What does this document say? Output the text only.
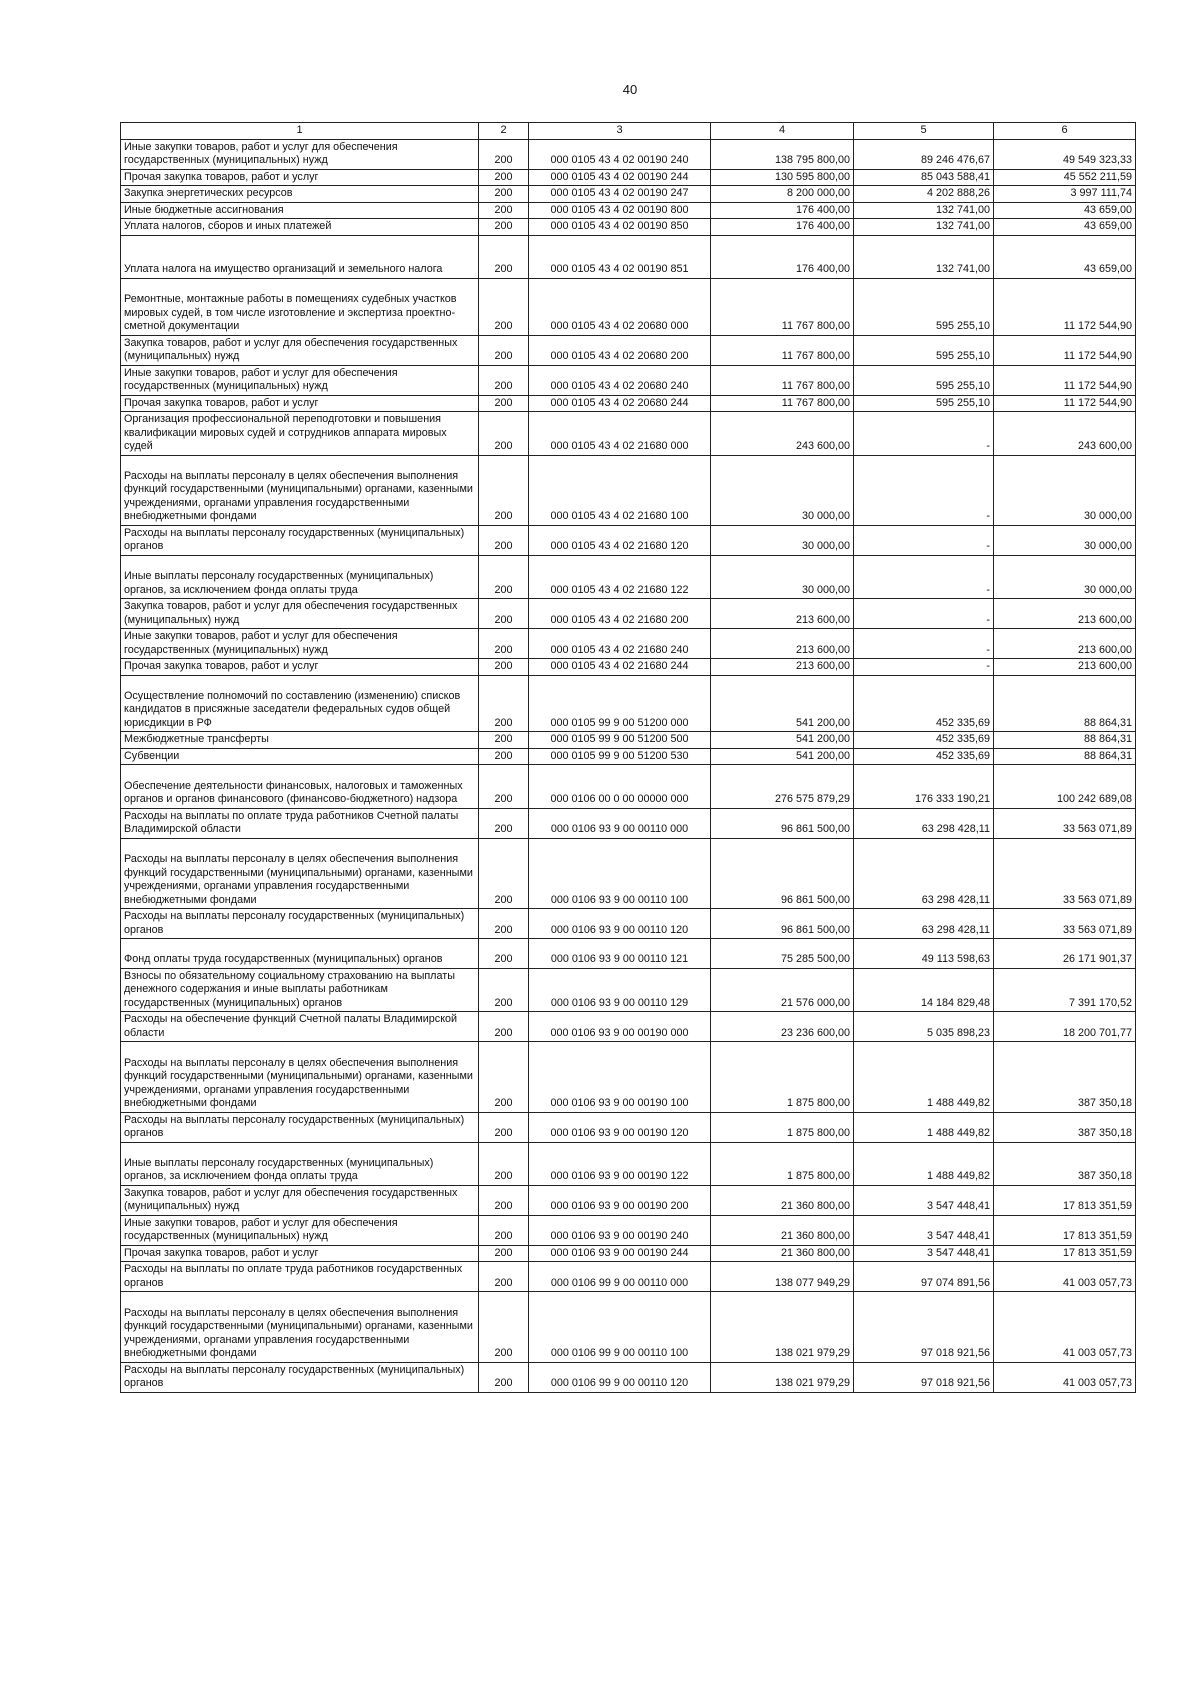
40
1	2	3	4	5	6
Иные закупки товаров, работ и услуг для обеспечения государственных (муниципальных) нужд	200	000 0105 43 4 02 00190 240	138 795 800,00	89 246 476,67	49 549 323,33
Прочая закупка товаров, работ и услуг	200	000 0105 43 4 02 00190 244	130 595 800,00	85 043 588,41	45 552 211,59
Закупка энергетических ресурсов	200	000 0105 43 4 02 00190 247	8 200 000,00	4 202 888,26	3 997 111,74
Иные бюджетные ассигнования	200	000 0105 43 4 02 00190 800	176 400,00	132 741,00	43 659,00
Уплата налогов, сборов и иных платежей	200	000 0105 43 4 02 00190 850	176 400,00	132 741,00	43 659,00
Уплата налога на имущество организаций и земельного налога	200	000 0105 43 4 02 00190 851	176 400,00	132 741,00	43 659,00
Ремонтные, монтажные работы в помещениях судебных участков мировых судей, в том числе изготовление и экспертиза проектно-сметной документации	200	000 0105 43 4 02 20680 000	11 767 800,00	595 255,10	11 172 544,90
Закупка товаров, работ и услуг для обеспечения государственных (муниципальных) нужд	200	000 0105 43 4 02 20680 200	11 767 800,00	595 255,10	11 172 544,90
Иные закупки товаров, работ и услуг для обеспечения государственных (муниципальных) нужд	200	000 0105 43 4 02 20680 240	11 767 800,00	595 255,10	11 172 544,90
Прочая закупка товаров, работ и услуг	200	000 0105 43 4 02 20680 244	11 767 800,00	595 255,10	11 172 544,90
Организация профессиональной переподготовки и повышения квалификации мировых судей и сотрудников аппарата мировых судей	200	000 0105 43 4 02 21680 000	243 600,00	-	243 600,00
Расходы на выплаты персоналу в целях обеспечения выполнения функций государственными (муниципальными) органами, казенными учреждениями, органами управления государственными внебюджетными фондами	200	000 0105 43 4 02 21680 100	30 000,00	-	30 000,00
Расходы на выплаты персоналу государственных (муниципальных) органов	200	000 0105 43 4 02 21680 120	30 000,00	-	30 000,00
Иные выплаты персоналу государственных (муниципальных) органов, за исключением фонда оплаты труда	200	000 0105 43 4 02 21680 122	30 000,00	-	30 000,00
Закупка товаров, работ и услуг для обеспечения государственных (муниципальных) нужд	200	000 0105 43 4 02 21680 200	213 600,00	-	213 600,00
Иные закупки товаров, работ и услуг для обеспечения государственных (муниципальных) нужд	200	000 0105 43 4 02 21680 240	213 600,00	-	213 600,00
Прочая закупка товаров, работ и услуг	200	000 0105 43 4 02 21680 244	213 600,00	-	213 600,00
Осуществление полномочий по составлению (изменению) списков кандидатов в присяжные заседатели федеральных судов общей юрисдикции в РФ	200	000 0105 99 9 00 51200 000	541 200,00	452 335,69	88 864,31
Межбюджетные трансферты	200	000 0105 99 9 00 51200 500	541 200,00	452 335,69	88 864,31
Субвенции	200	000 0105 99 9 00 51200 530	541 200,00	452 335,69	88 864,31
Обеспечение деятельности финансовых, налоговых и таможенных органов и органов финансового (финансово-бюджетного) надзора	200	000 0106 00 0 00 00000 000	276 575 879,29	176 333 190,21	100 242 689,08
Расходы на выплаты по оплате труда работников Счетной палаты Владимирской области	200	000 0106 93 9 00 00110 000	96 861 500,00	63 298 428,11	33 563 071,89
Расходы на выплаты персоналу в целях обеспечения выполнения функций государственными (муниципальными) органами, казенными учреждениями, органами управления государственными внебюджетными фондами	200	000 0106 93 9 00 00110 100	96 861 500,00	63 298 428,11	33 563 071,89
Расходы на выплаты персоналу государственных (муниципальных) органов	200	000 0106 93 9 00 00110 120	96 861 500,00	63 298 428,11	33 563 071,89
Фонд оплаты труда государственных (муниципальных) органов	200	000 0106 93 9 00 00110 121	75 285 500,00	49 113 598,63	26 171 901,37
Взносы по обязательному социальному страхованию на выплаты денежного содержания и иные выплаты работникам государственных (муниципальных) органов	200	000 0106 93 9 00 00110 129	21 576 000,00	14 184 829,48	7 391 170,52
Расходы на обеспечение функций Счетной палаты Владимирской области	200	000 0106 93 9 00 00190 000	23 236 600,00	5 035 898,23	18 200 701,77
Расходы на выплаты персоналу в целях обеспечения выполнения функций государственными (муниципальными) органами, казенными учреждениями, органами управления государственными внебюджетными фондами	200	000 0106 93 9 00 00190 100	1 875 800,00	1 488 449,82	387 350,18
Расходы на выплаты персоналу государственных (муниципальных) органов	200	000 0106 93 9 00 00190 120	1 875 800,00	1 488 449,82	387 350,18
Иные выплаты персоналу государственных (муниципальных) органов, за исключением фонда оплаты труда	200	000 0106 93 9 00 00190 122	1 875 800,00	1 488 449,82	387 350,18
Закупка товаров, работ и услуг для обеспечения государственных (муниципальных) нужд	200	000 0106 93 9 00 00190 200	21 360 800,00	3 547 448,41	17 813 351,59
Иные закупки товаров, работ и услуг для обеспечения государственных (муниципальных) нужд	200	000 0106 93 9 00 00190 240	21 360 800,00	3 547 448,41	17 813 351,59
Прочая закупка товаров, работ и услуг	200	000 0106 93 9 00 00190 244	21 360 800,00	3 547 448,41	17 813 351,59
Расходы на выплаты по оплате труда работников государственных органов	200	000 0106 99 9 00 00110 000	138 077 949,29	97 074 891,56	41 003 057,73
Расходы на выплаты персоналу в целях обеспечения выполнения функций государственными (муниципальными) органами, казенными учреждениями, органами управления государственными внебюджетными фондами	200	000 0106 99 9 00 00110 100	138 021 979,29	97 018 921,56	41 003 057,73
Расходы на выплаты персоналу государственных (муниципальных) органов	200	000 0106 99 9 00 00110 120	138 021 979,29	97 018 921,56	41 003 057,73
